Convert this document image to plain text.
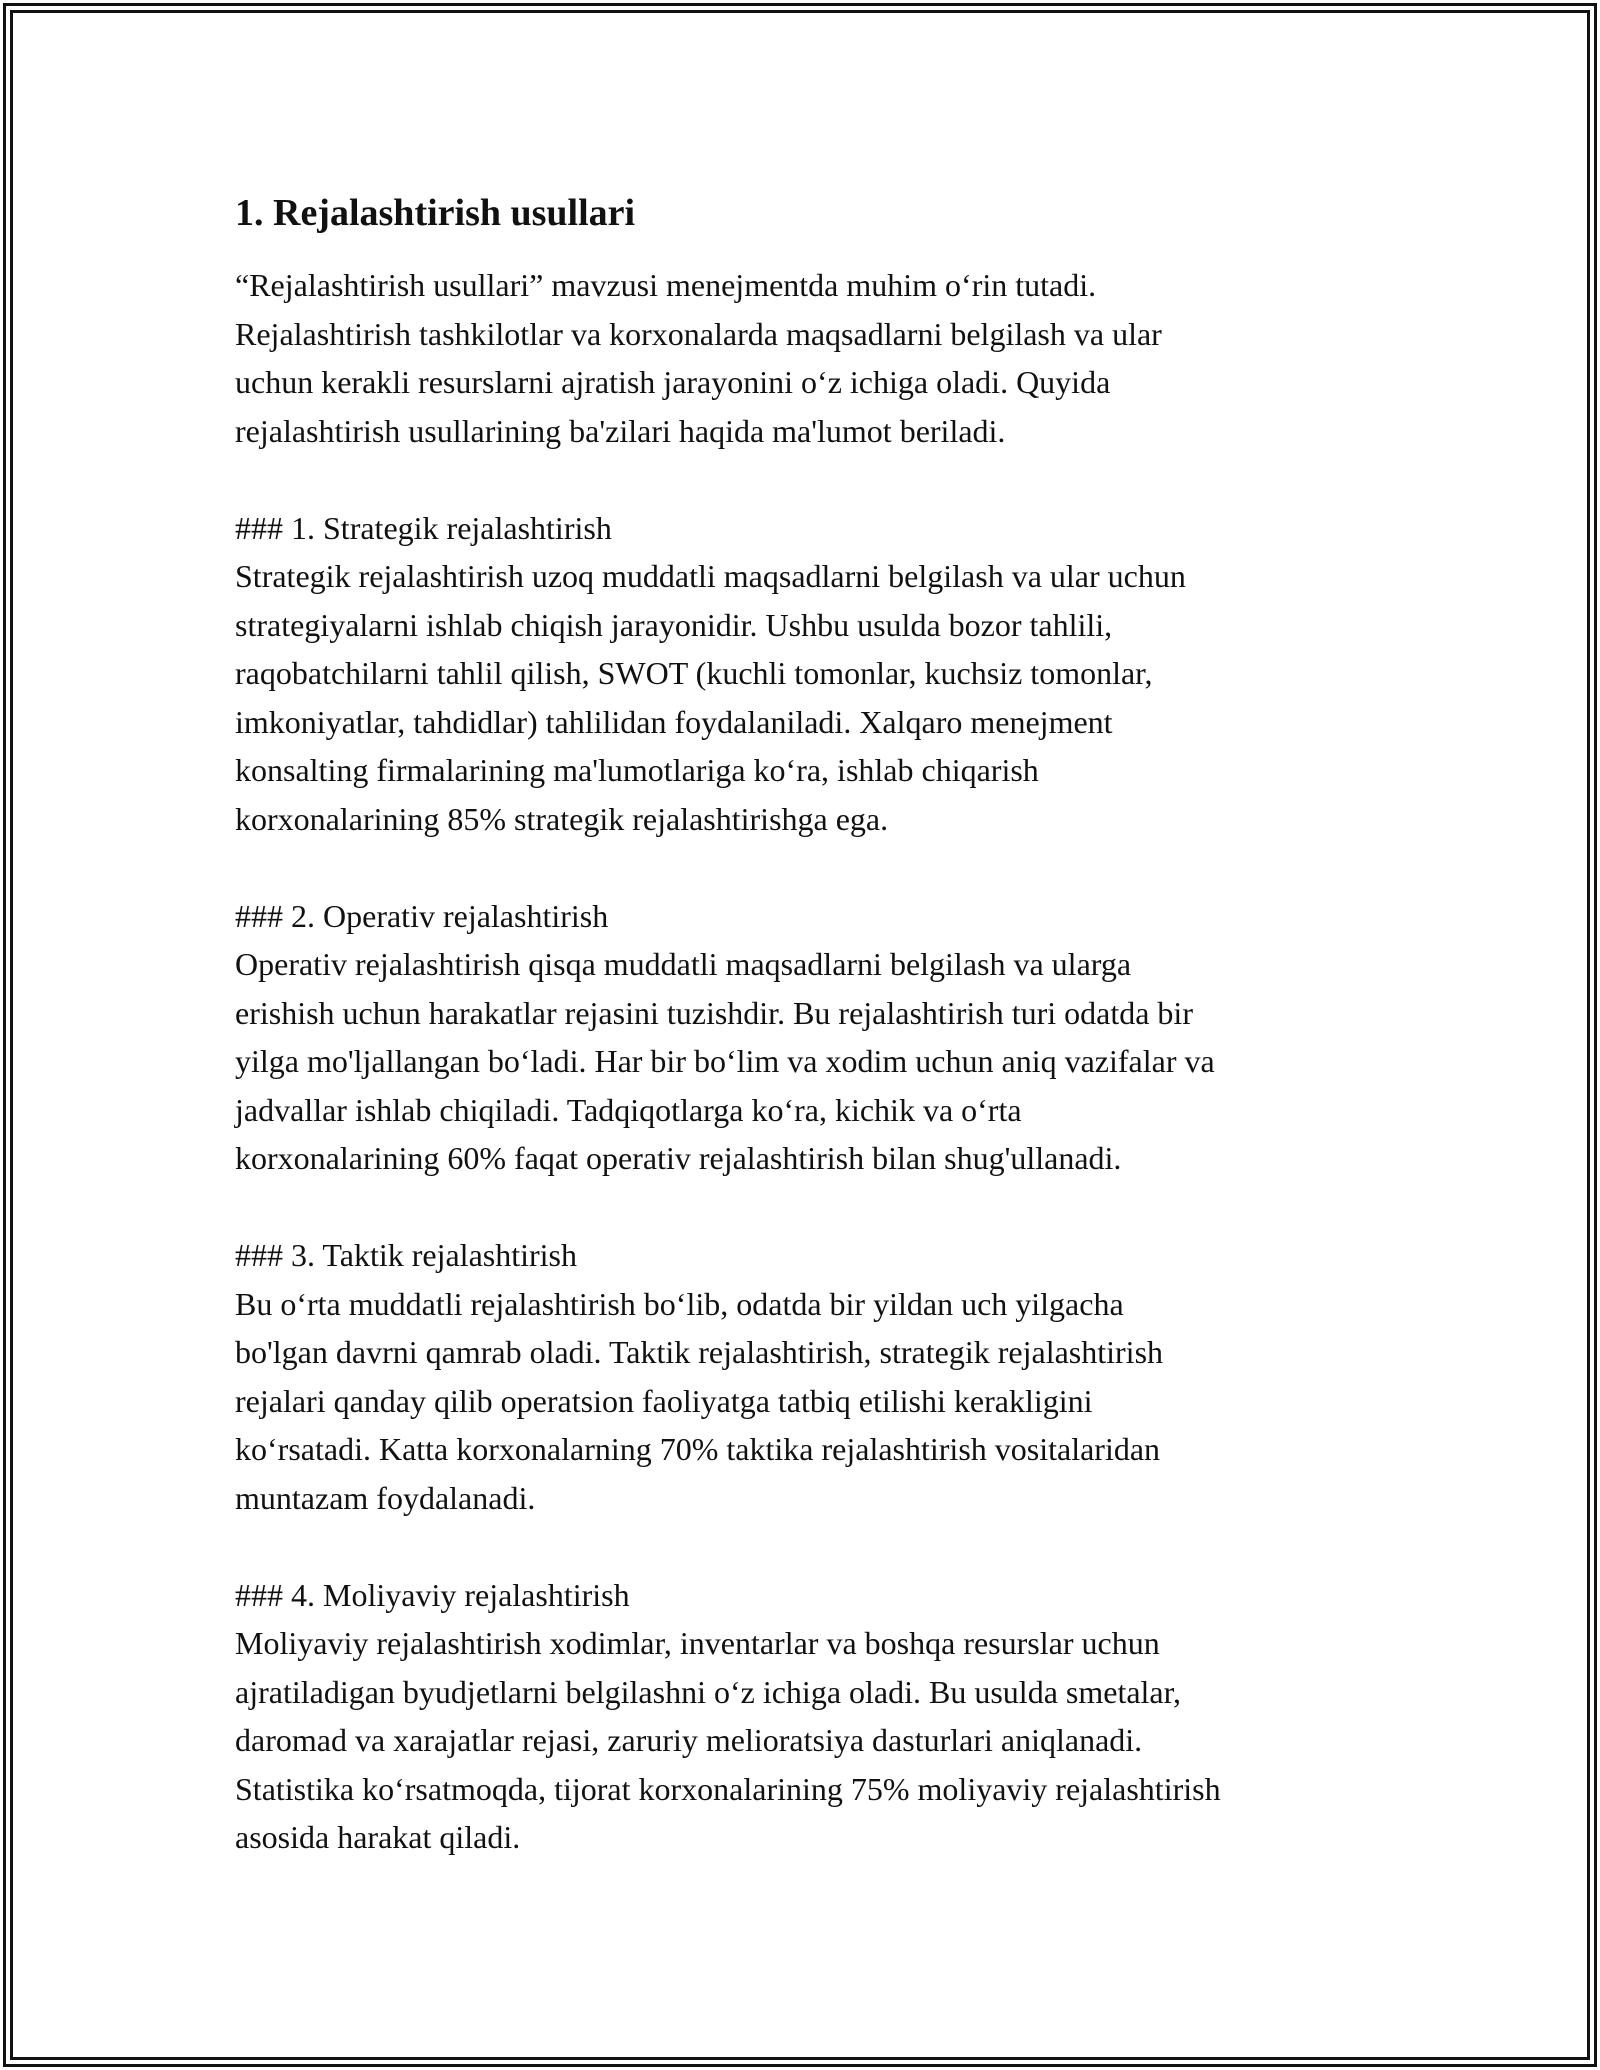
1. Rejalashtirish usullari

“Rejalashtirish usullari” mavzusi menejmentda muhim o‘rin tutadi.
Rejalashtirish tashkilotlar va korxonalarda maqsadlarni belgilash va ular
uchun kerakli resurslarni ajratish jarayonini o‘z ichiga oladi. Quyida
rejalashtirish usullarining ba'zilari haqida ma'lumot beriladi.

### 1. Strategik rejalashtirish

Strategik rejalashtirish uzoq muddatli maqsadlarni belgilash va ular uchun
strategiyalarni ishlab chiqish jarayonidir. Ushbu usulda bozor tahlili,
raqobatchilarni tahlil qilish, SWOT (kuchli tomonlar, kuchsiz tomonlar,
imkoniyatlar, tahdidlar) tahlilidan foydalaniladi. Xalqaro menejment
konsalting firmalarining ma'lumotlariga ko‘ra, ishlab chiqarish
korxonalarining 85% strategik rejalashtirishga ega.

### 2. Operativ rejalashtirish

Operativ rejalashtirish qisqa muddatli maqsadlarni belgilash va ularga
erishish uchun harakatlar rejasini tuzishdir. Bu rejalashtirish turi odatda bir
yilga mo'ljallangan bo‘ladi. Har bir bo‘lim va xodim uchun aniq vazifalar va
jadvallar ishlab chiqiladi. Tadqiqotlarga ko‘ra, kichik va o‘rta
korxonalarining 60% faqat operativ rejalashtirish bilan shug'ullanadi.

### 3. Taktik rejalashtirish

Bu o‘rta muddatli rejalashtirish bo‘lib, odatda bir yildan uch yilgacha
bo'lgan davrni qamrab oladi. Taktik rejalashtirish, strategik rejalashtirish
rejalari qanday qilib operatsion faoliyatga tatbiq etilishi kerakligini
ko‘rsatadi. Katta korxonalarning 70% taktika rejalashtirish vositalaridan
muntazam foydalanadi.

### 4. Moliyaviy rejalashtirish

Moliyaviy rejalashtirish xodimlar, inventarlar va boshqa resurslar uchun
ajratiladigan byudjetlarni belgilashni o‘z ichiga oladi. Bu usulda smetalar,
daromad va xarajatlar rejasi, zaruriy melioratsiya dasturlari aniqlanadi.
Statistika ko‘rsatmoqda, tijorat korxonalarining 75% moliyaviy rejalashtirish
asosida harakat qiladi.
